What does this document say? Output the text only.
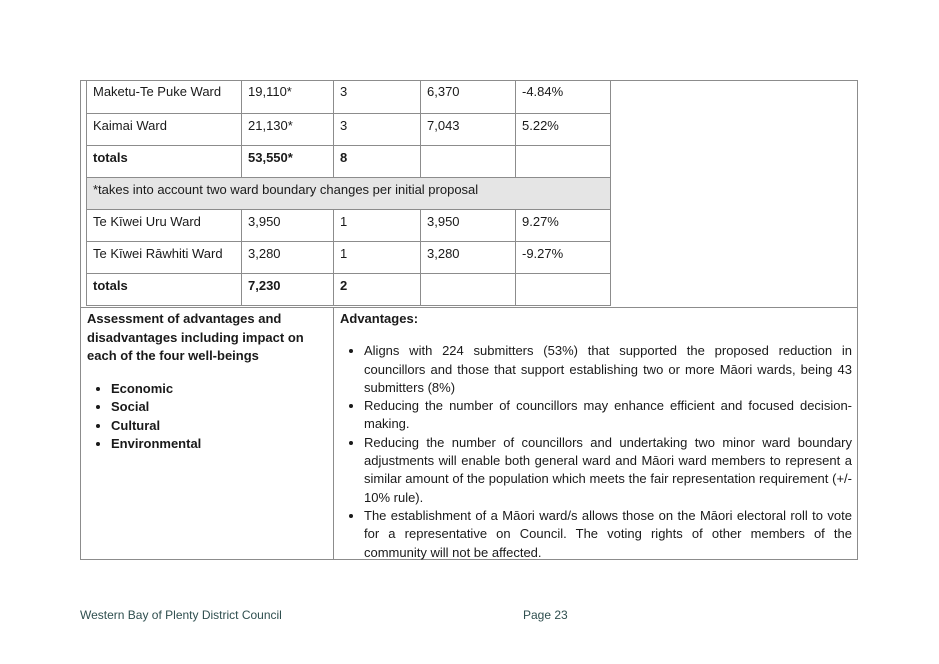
Maketu-Te Puke Ward	19,110*	3	6,370	-4.84%
Kaimai Ward	21,130*	3	7,043	5.22%
totals	53,550*	8		
*takes into account two ward boundary changes per initial proposal				
Te Kīwei Uru Ward	3,950	1	3,950	9.27%
Te Kīwei Rāwhiti Ward	3,280	1	3,280	-9.27%
totals	7,230	2		
Assessment of advantages and disadvantages including impact on each of the four well-beings
• Economic
• Social
• Cultural
• Environmental
Advantages:
• Aligns with 224 submitters (53%) that supported the proposed reduction in councillors and those that support establishing two or more Māori wards, being 43 submitters (8%)
• Reducing the number of councillors may enhance efficient and focused decision-making.
• Reducing the number of councillors and undertaking two minor ward boundary adjustments will enable both general ward and Māori ward members to represent a similar amount of the population which meets the fair representation requirement (+/- 10% rule).
• The establishment of a Māori ward/s allows those on the Māori electoral roll to vote for a representative on Council. The voting rights of other members of the community will not be affected.
Western Bay of Plenty District Council	Page 23
